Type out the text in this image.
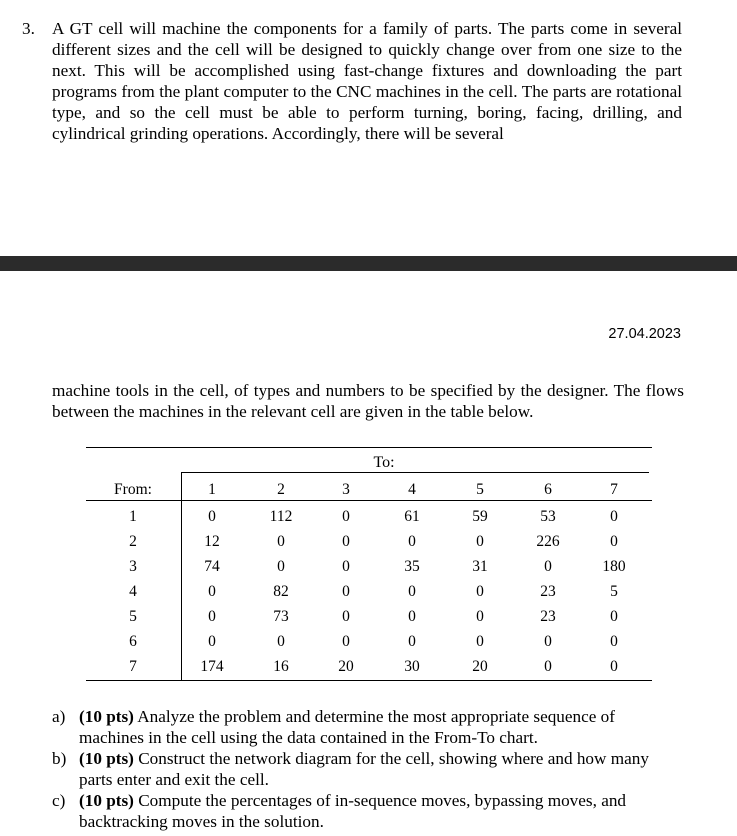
3. A GT cell will machine the components for a family of parts. The parts come in several different sizes and the cell will be designed to quickly change over from one size to the next. This will be accomplished using fast-change fixtures and downloading the part programs from the plant computer to the CNC machines in the cell. The parts are rotational type, and so the cell must be able to perform turning, boring, facing, drilling, and cylindrical grinding operations. Accordingly, there will be several
27.04.2023

machine tools in the cell, of types and numbers to be specified by the designer. The flows between the machines in the relevant cell are given in the table below.

To:
From:	1	2	3	4	5	6	7
1	0	112	0	61	59	53	0
2	12	0	0	0	0	226	0
3	74	0	0	35	31	0	180
4	0	82	0	0	0	23	5
5	0	73	0	0	0	23	0
6	0	0	0	0	0	0	0
7	174	16	20	30	20	0	0
a) (10 pts) Analyze the problem and determine the most appropriate sequence of machines in the cell using the data contained in the From-To chart.
b) (10 pts) Construct the network diagram for the cell, showing where and how many parts enter and exit the cell.
c) (10 pts) Compute the percentages of in-sequence moves, bypassing moves, and backtracking moves in the solution.
